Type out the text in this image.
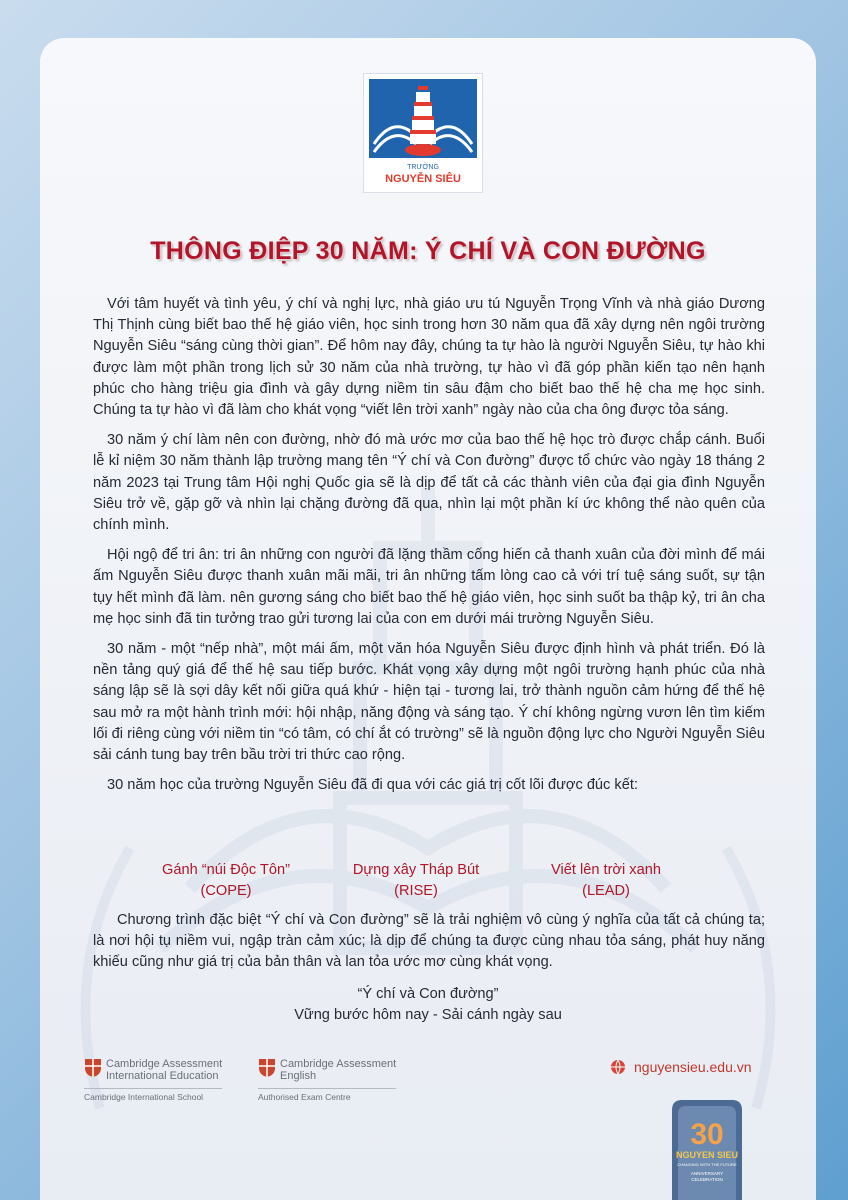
TRƯỜNG
NGUYỄN SIÊU
THÔNG ĐIỆP 30 NĂM: Ý CHÍ VÀ CON ĐƯỜNG

Với tâm huyết và tình yêu, ý chí và nghị lực, nhà giáo ưu tú Nguyễn Trọng Vĩnh và nhà giáo Dương Thị Thịnh cùng biết bao thế hệ giáo viên, học sinh trong hơn 30 năm qua đã xây dựng nên ngôi trường Nguyễn Siêu “sáng cùng thời gian”. Để hôm nay đây, chúng ta tự hào là người Nguyễn Siêu, tự hào khi được làm một phần trong lịch sử 30 năm của nhà trường, tự hào vì đã góp phần kiến tạo nên hạnh phúc cho hàng triệu gia đình và gây dựng niềm tin sâu đậm cho biết bao thế hệ cha mẹ học sinh. Chúng ta tự hào vì đã làm cho khát vọng “viết lên trời xanh” ngày nào của cha ông được tỏa sáng.

30 năm ý chí làm nên con đường, nhờ đó mà ước mơ của bao thế hệ học trò được chắp cánh. Buổi lễ kỉ niệm 30 năm thành lập trường mang tên “Ý chí và Con đường” được tổ chức vào ngày 18 tháng 2 năm 2023 tại Trung tâm Hội nghị Quốc gia sẽ là dịp để tất cả các thành viên của đại gia đình Nguyễn Siêu trở về, gặp gỡ và nhìn lại chặng đường đã qua, nhìn lại một phần kí ức không thể nào quên của chính mình.

Hội ngộ để tri ân: tri ân những con người đã lặng thầm cống hiến cả thanh xuân của đời mình để mái ấm Nguyễn Siêu được thanh xuân mãi mãi, tri ân những tấm lòng cao cả với trí tuệ sáng suốt, sự tận tụy hết mình đã làm. nên gương sáng cho biết bao thế hệ giáo viên, học sinh suốt ba thập kỷ, tri ân cha mẹ học sinh đã tin tưởng trao gửi tương lai của con em dưới mái trường Nguyễn Siêu.

30 năm - một “nếp nhà”, một mái ấm, một văn hóa Nguyễn Siêu được định hình và phát triển. Đó là nền tảng quý giá để thế hệ sau tiếp bước. Khát vọng xây dựng một ngôi trường hạnh phúc của nhà sáng lập sẽ là sợi dây kết nối giữa quá khứ - hiện tại - tương lai, trở thành nguồn cảm hứng để thế hệ sau mở ra một hành trình mới: hội nhập, năng động và sáng tạo. Ý chí không ngừng vươn lên tìm kiếm lối đi riêng cùng với niềm tin “có tâm, có chí ắt có trường” sẽ là nguồn động lực cho Người Nguyễn Siêu sải cánh tung bay trên bầu trời tri thức cao rộng.

30 năm học của trường Nguyễn Siêu đã đi qua với các giá trị cốt lõi được đúc kết:

Gánh “núi Độc Tôn”
(COPE)
Dựng xây Tháp Bút
(RISE)
Viết lên trời xanh
(LEAD)

Chương trình đặc biệt “Ý chí và Con đường” sẽ là trải nghiệm vô cùng ý nghĩa của tất cả chúng ta; là nơi hội tụ niềm vui, ngập tràn cảm xúc; là dịp để chúng ta được cùng nhau tỏa sáng, phát huy năng khiếu cũng như giá trị của bản thân và lan tỏa ước mơ cùng khát vọng.

“Ý chí và Con đường”
Vững bước hôm nay - Sải cánh ngày sau
Cambridge Assessment
International Education
Cambridge International School
Cambridge Assessment
English
Authorised Exam Centre
nguyensieu.edu.vn
30
NGUYEN SIEU
CHANGING WITH THE FUTURE
ANNIVERSARY
CELEBRATION
